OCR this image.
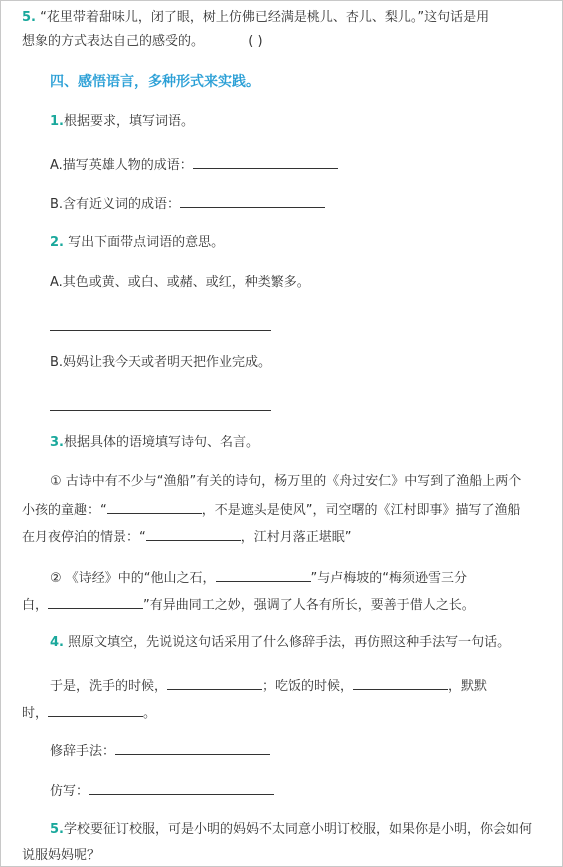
5. “花里带着甜味儿，闭了眼，树上仿佛已经满是桃儿、杏儿、梨儿。”这句话是用
想象的方式表达自己的感受的。	( )
四、感悟语言，多种形式来实践。
1.根据要求，填写词语。
A.描写英雄人物的成语：
B.含有近义词的成语：
2. 写出下面带点词语的意思。
A.其色或黄、或白、或赭、或红，种类繁多。
B.妈妈让我今天或者明天把作业完成。
3.根据具体的语境填写诗句、名言。
① 古诗中有不少与“渔船”有关的诗句，杨万里的《舟过安仁》中写到了渔船上两个
小孩的童趣：“	，不是遮头是使风”，司空曙的《江村即事》描写了渔船
在月夜停泊的情景：“	，江村月落正堪眠”
② 《诗经》中的“他山之石，	”与卢梅坡的“梅须逊雪三分
白，	”有异曲同工之妙，强调了人各有所长，要善于借人之长。
4. 照原文填空，先说说这句话采用了什么修辞手法，再仿照这种手法写一句话。
于是，洗手的时候，	；吃饭的时候，	，默默
时，	。
修辞手法：
仿写：
5.学校要征订校服，可是小明的妈妈不太同意小明订校服，如果你是小明，你会如何
说服妈妈呢？
